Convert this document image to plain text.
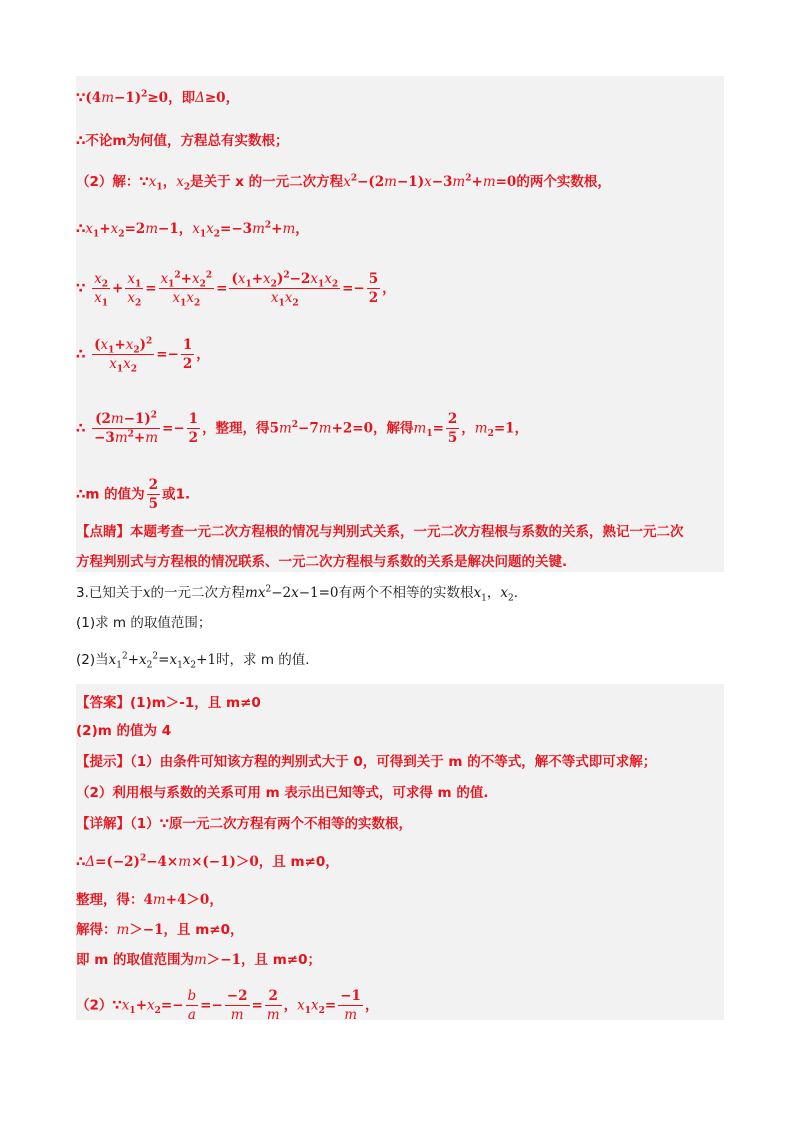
$\because(4m-1)^2\ge 0$，即Δ≥0，
∴不论m为何值，方程总有实数根；
（2）解：$\because x_1$，$x_2$是关于 x 的一元二次方程$x^2-(2m-1)x-3m^2+m=0$的两个实数根，
$\therefore x_1+x_2=2m-1$，$x_1x_2=-3m^2+m$，
∵ $\frac{x_2}{x_1} + \frac{x_1}{x_2} = \frac{x_1^2+x_2^2}{x_1x_2} = \frac{(x_1+x_2)^2-2x_1x_2}{x_1x_2} =- \frac{5}{2}$ ，
∴ $\frac{(x_1+x_2)^2}{x_1x_2} =- \frac{1}{2}$ ，
∴ $\frac{(2m-1)^2}{-3m^2+m} =- \frac{1}{2}$ ，整理，得$5m^2-7m+2=0$，解得$m_1= \frac{2}{5}$ ，$m_2=1$，
∴m 的值为 $\frac{2}{5}$ 或1.
【点睛】本题考查一元二次方程根的情况与判别式关系，一元二次方程根与系数的关系，熟记一元二次
方程判别式与方程根的情况联系、一元二次方程根与系数的关系是解决问题的关键.
3.已知关于x的一元二次方程$mx^2-2x-1=0$有两个不相等的实数根$x_1$，$x_2$．
(1)求 m 的取值范围；
(2)当$x_1^2+x_2^2=x_1x_2+1$时，求 m 的值．
【答案】(1)m＞-1，且 m≠0
(2)m 的值为 4
【提示】（1）由条件可知该方程的判别式大于 0，可得到关于 m 的不等式，解不等式即可求解；
（2）利用根与系数的关系可用 m 表示出已知等式，可求得 m 的值.
【详解】（1）∵原一元二次方程有两个不相等的实数根，
$\therefore\Delta=(-2)^2-4\times m\times(-1)>0$，且 m≠0，
整理，得：4m+4＞0，
解得：m＞−1，且 m≠0，
即 m 的取值范围为m＞−1，且 m≠0；
$(2)\because x_1+x_2=- \frac{b}{a} =- \frac{-2}{m} = \frac{2}{m}$ ，$x_1x_2= \frac{-1}{m}$ ，
